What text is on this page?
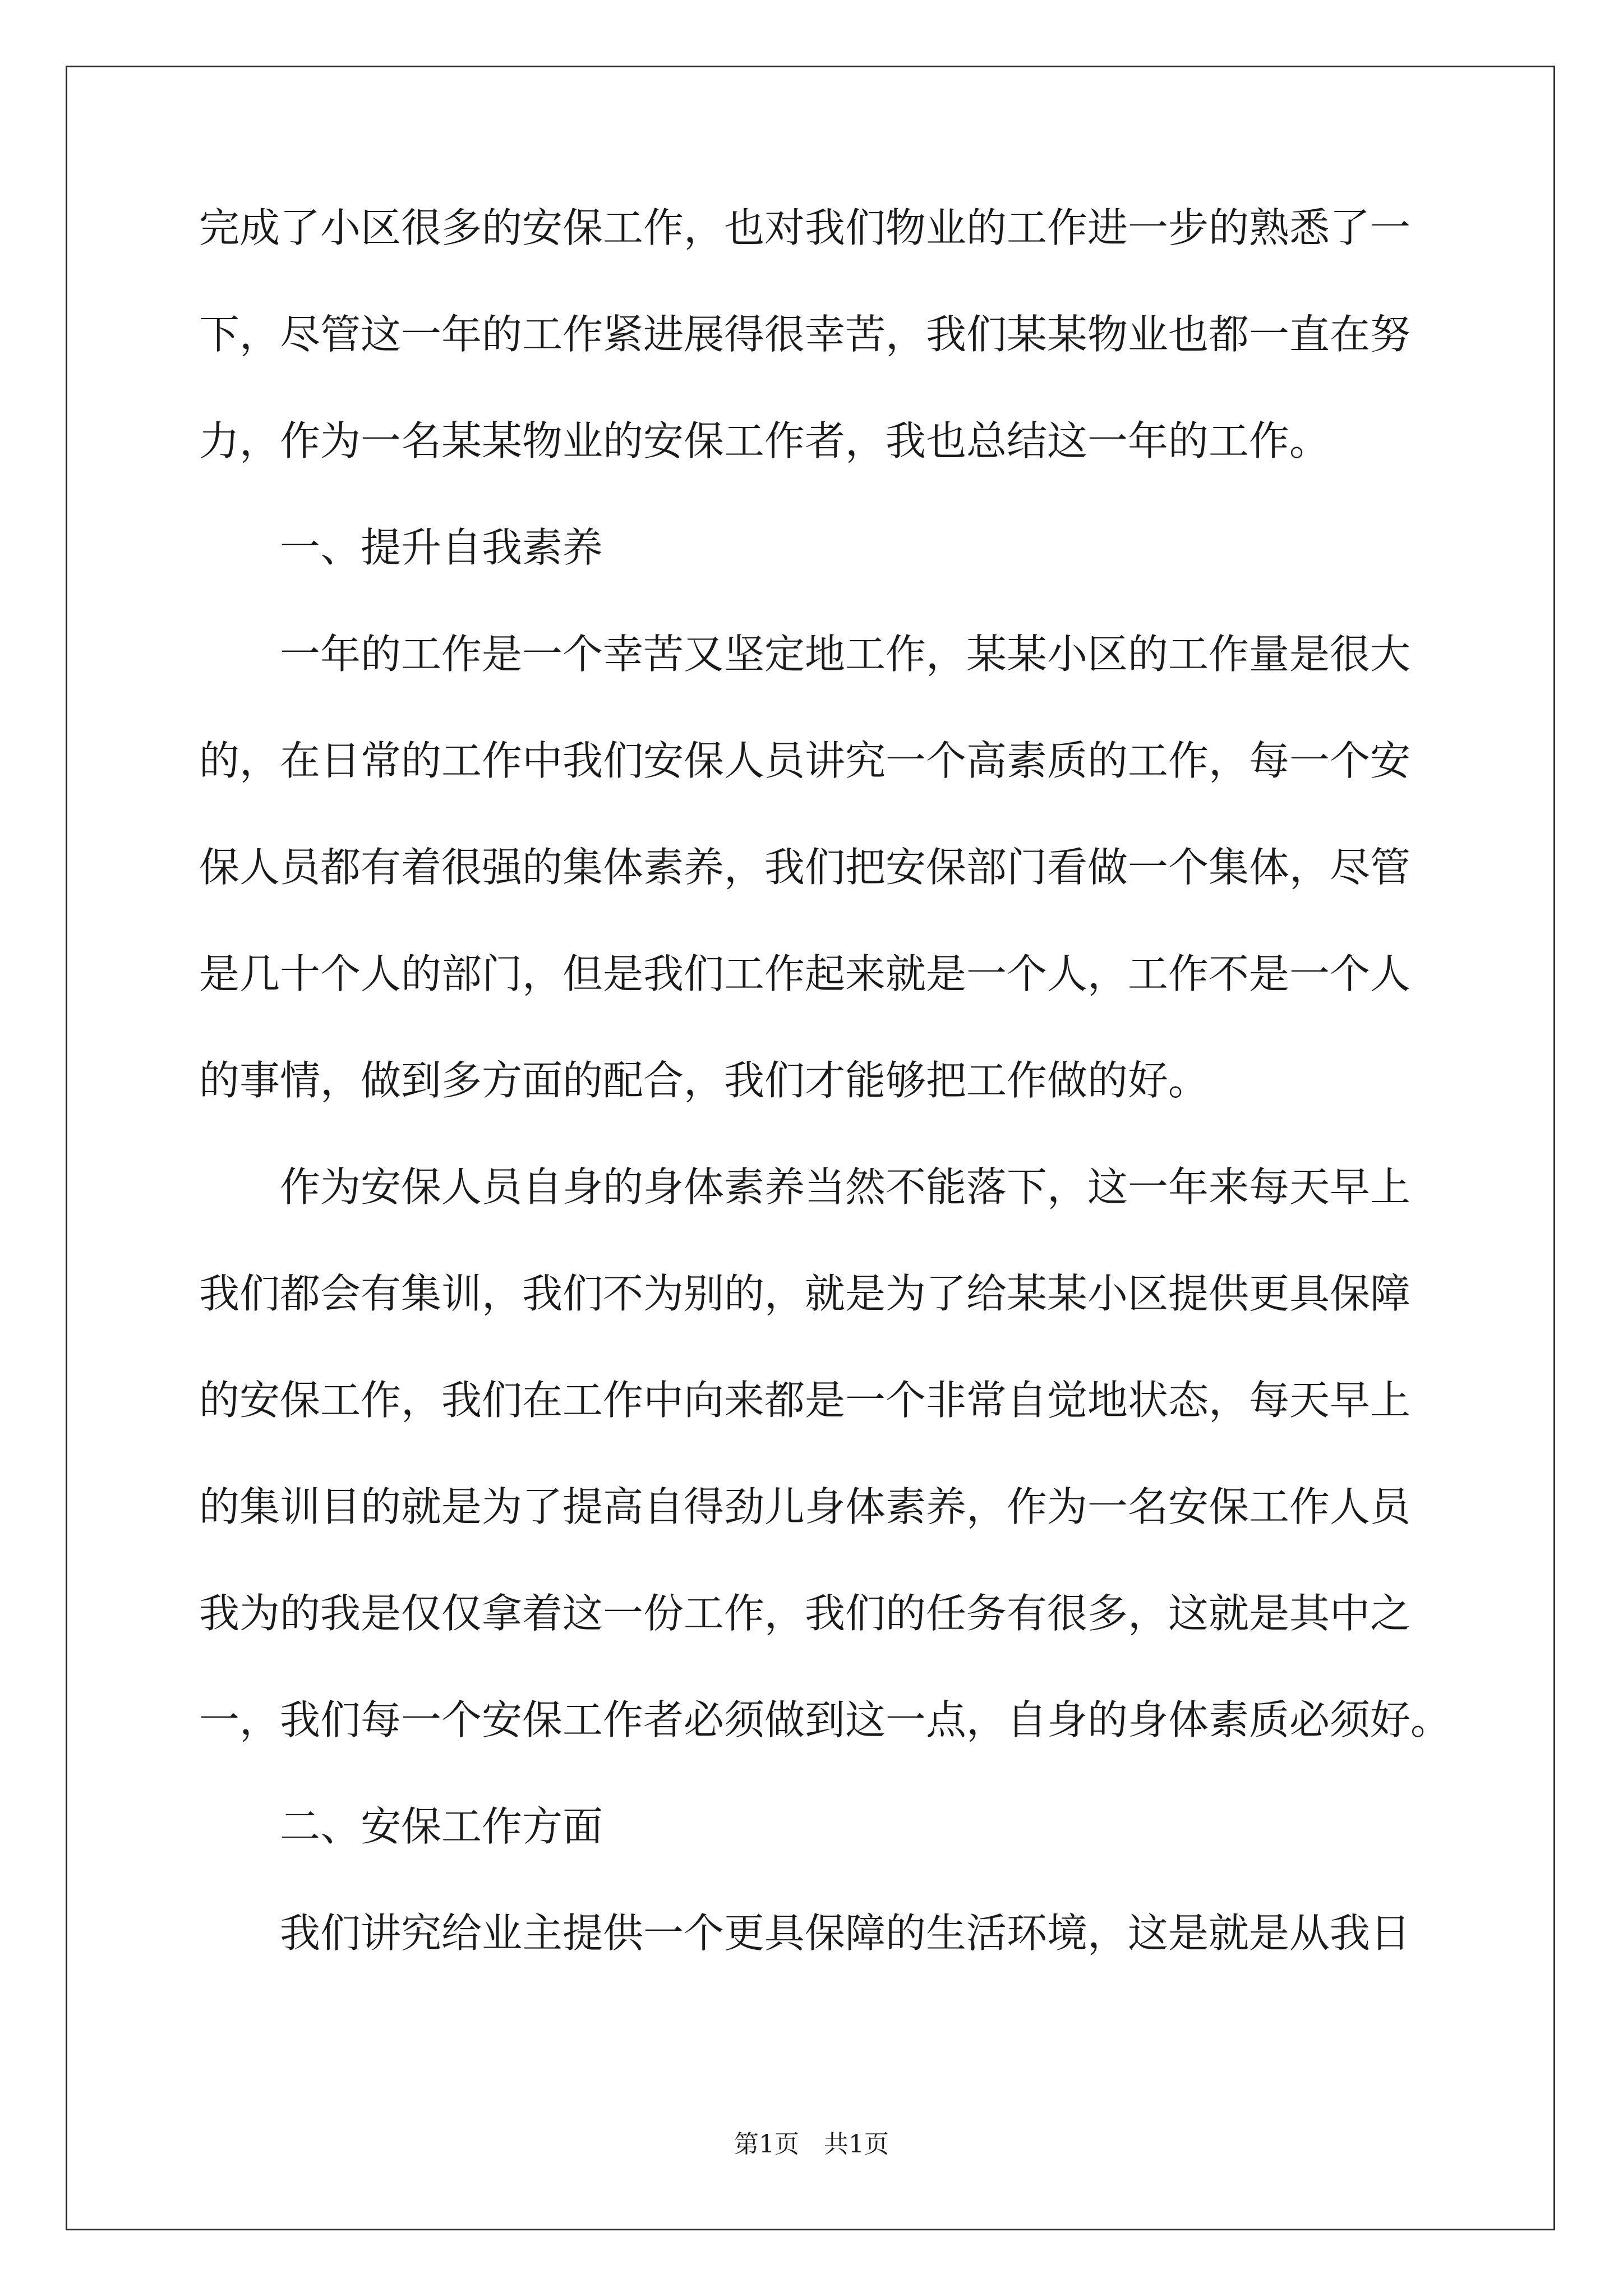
完成了小区很多的安保工作，也对我们物业的工作进一步的熟悉了一
下，尽管这一年的工作紧进展得很幸苦，我们某某物业也都一直在努
力，作为一名某某物业的安保工作者，我也总结这一年的工作。
一、提升自我素养
一年的工作是一个幸苦又坚定地工作，某某小区的工作量是很大
的，在日常的工作中我们安保人员讲究一个高素质的工作，每一个安
保人员都有着很强的集体素养，我们把安保部门看做一个集体，尽管
是几十个人的部门，但是我们工作起来就是一个人，工作不是一个人
的事情，做到多方面的配合，我们才能够把工作做的好。
作为安保人员自身的身体素养当然不能落下，这一年来每天早上
我们都会有集训，我们不为别的，就是为了给某某小区提供更具保障
的安保工作，我们在工作中向来都是一个非常自觉地状态，每天早上
的集训目的就是为了提高自得劲儿身体素养，作为一名安保工作人员
我为的我是仅仅拿着这一份工作，我们的任务有很多，这就是其中之
一，我们每一个安保工作者必须做到这一点，自身的身体素质必须好。
二、安保工作方面
我们讲究给业主提供一个更具保障的生活环境，这是就是从我日
第1页 共1页
